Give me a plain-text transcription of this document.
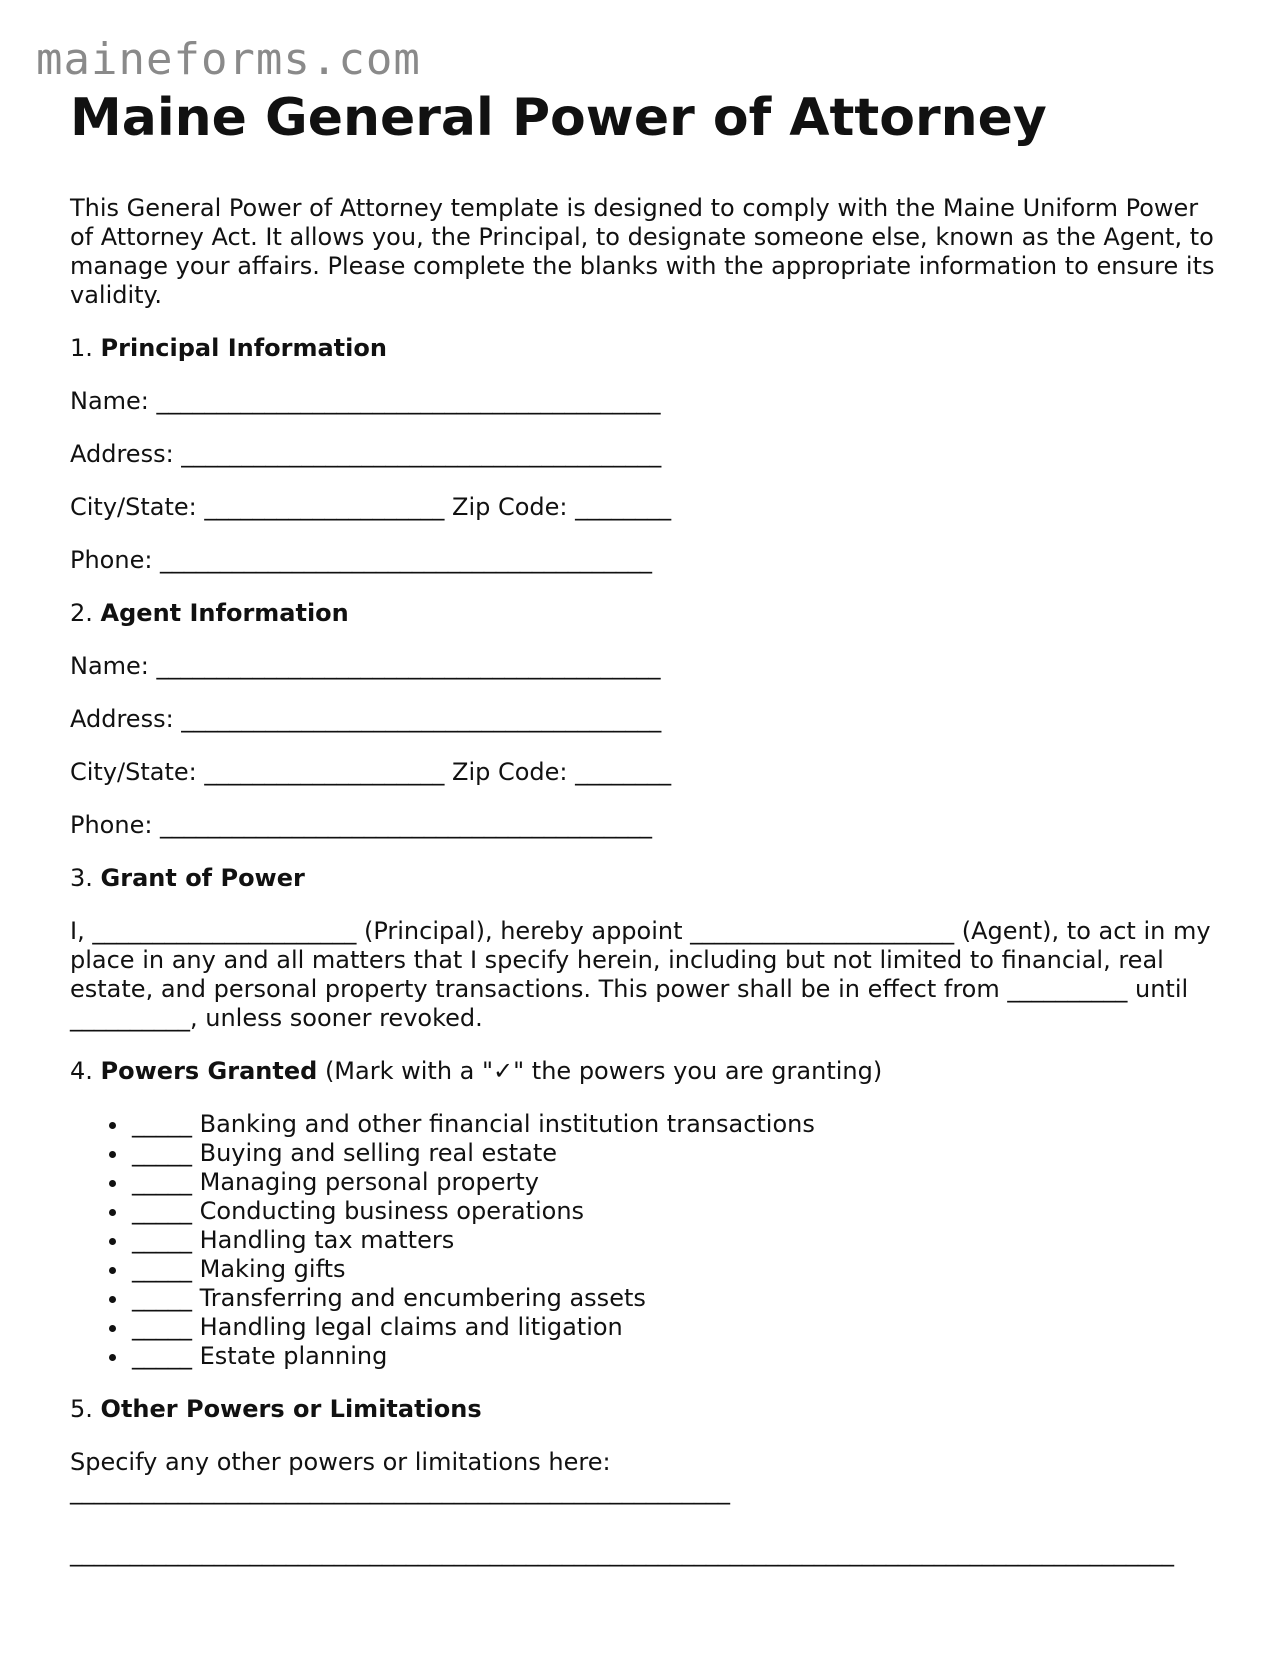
maineforms.com
Maine General Power of Attorney

This General Power of Attorney template is designed to comply with the Maine Uniform Power of Attorney Act. It allows you, the Principal, to designate someone else, known as the Agent, to manage your affairs. Please complete the blanks with the appropriate information to ensure its validity.

1. Principal Information
Name: __________________________________________
Address: ________________________________________
City/State: ____________________ Zip Code: ________
Phone: _________________________________________
2. Agent Information
Name: __________________________________________
Address: ________________________________________
City/State: ____________________ Zip Code: ________
Phone: _________________________________________
3. Grant of Power

I, ______________________ (Principal), hereby appoint ______________________ (Agent), to act in my place in any and all matters that I specify herein, including but not limited to financial, real estate, and personal property transactions. This power shall be in effect from __________ until __________, unless sooner revoked.

4. Powers Granted (Mark with a "✓" the powers you are granting)
• _____ Banking and other financial institution transactions
• _____ Buying and selling real estate
• _____ Managing personal property
• _____ Conducting business operations
• _____ Handling tax matters
• _____ Making gifts
• _____ Transferring and encumbering assets
• _____ Handling legal claims and litigation
• _____ Estate planning
5. Other Powers or Limitations

Specify any other powers or limitations here:

_______________________________________________________
____________________________________________________________________________________________
